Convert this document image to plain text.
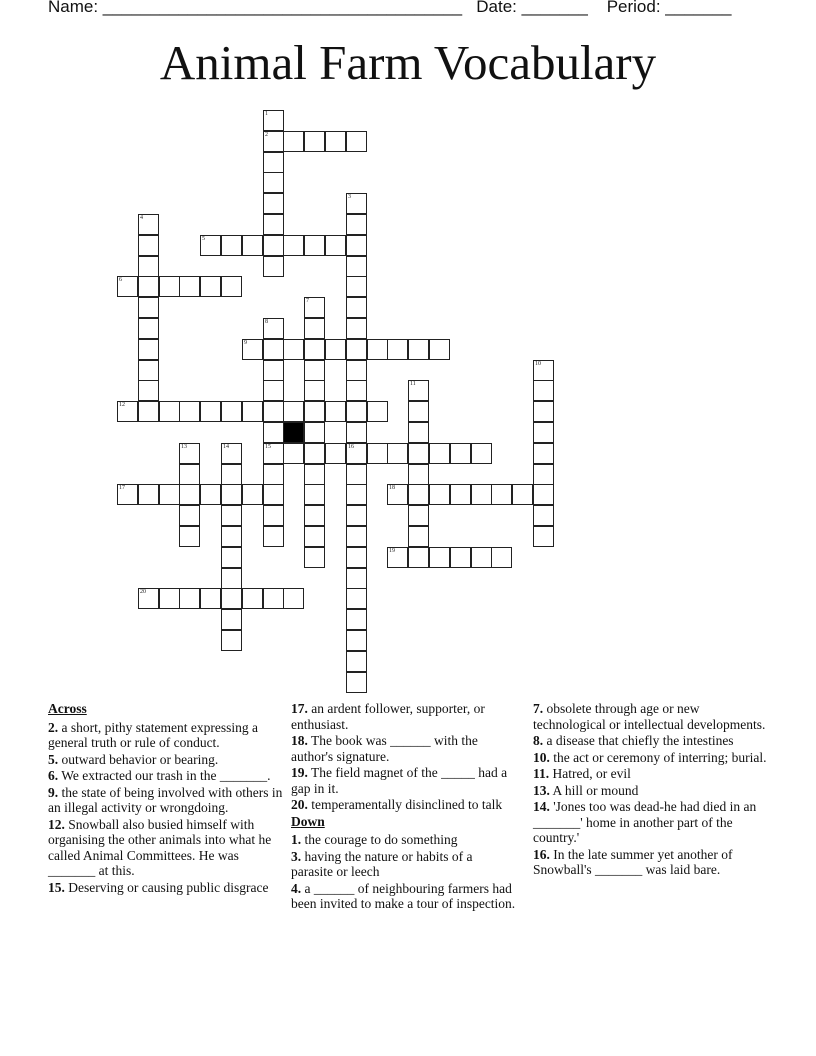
Name: ______________________________________ Date: _______ Period: _______
Animal Farm Vocabulary
1
2
3
16
4
5
6
7
8
15
9
10
11
12
13	14
17	18
19
20
Across
2. a short, pithy statement expressing a general truth or rule of conduct.
5. outward behavior or bearing.
6. We extracted our trash in the _______.
9. the state of being involved with others in an illegal activity or wrongdoing.
12. Snowball also busied himself with organising the other animals into what he called Animal Committees. He was _______ at this.
15. Deserving or causing public disgrace
17. an ardent follower, supporter, or enthusiast.
18. The book was ______ with the author's signature.
19. The field magnet of the _____ had a gap in it.
20. temperamentally disinclined to talk
Down
1. the courage to do something
3. having the nature or habits of a parasite or leech
4. a ______ of neighbouring farmers had been invited to make a tour of inspection.
7. obsolete through age or new technological or intellectual developments.
8. a disease that chiefly the intestines
10. the act or ceremony of interring; burial.
11. Hatred, or evil
13. A hill or mound
14. 'Jones too was dead-he had died in an _______' home in another part of the country.'
16. In the late summer yet another of Snowball's _______ was laid bare.
